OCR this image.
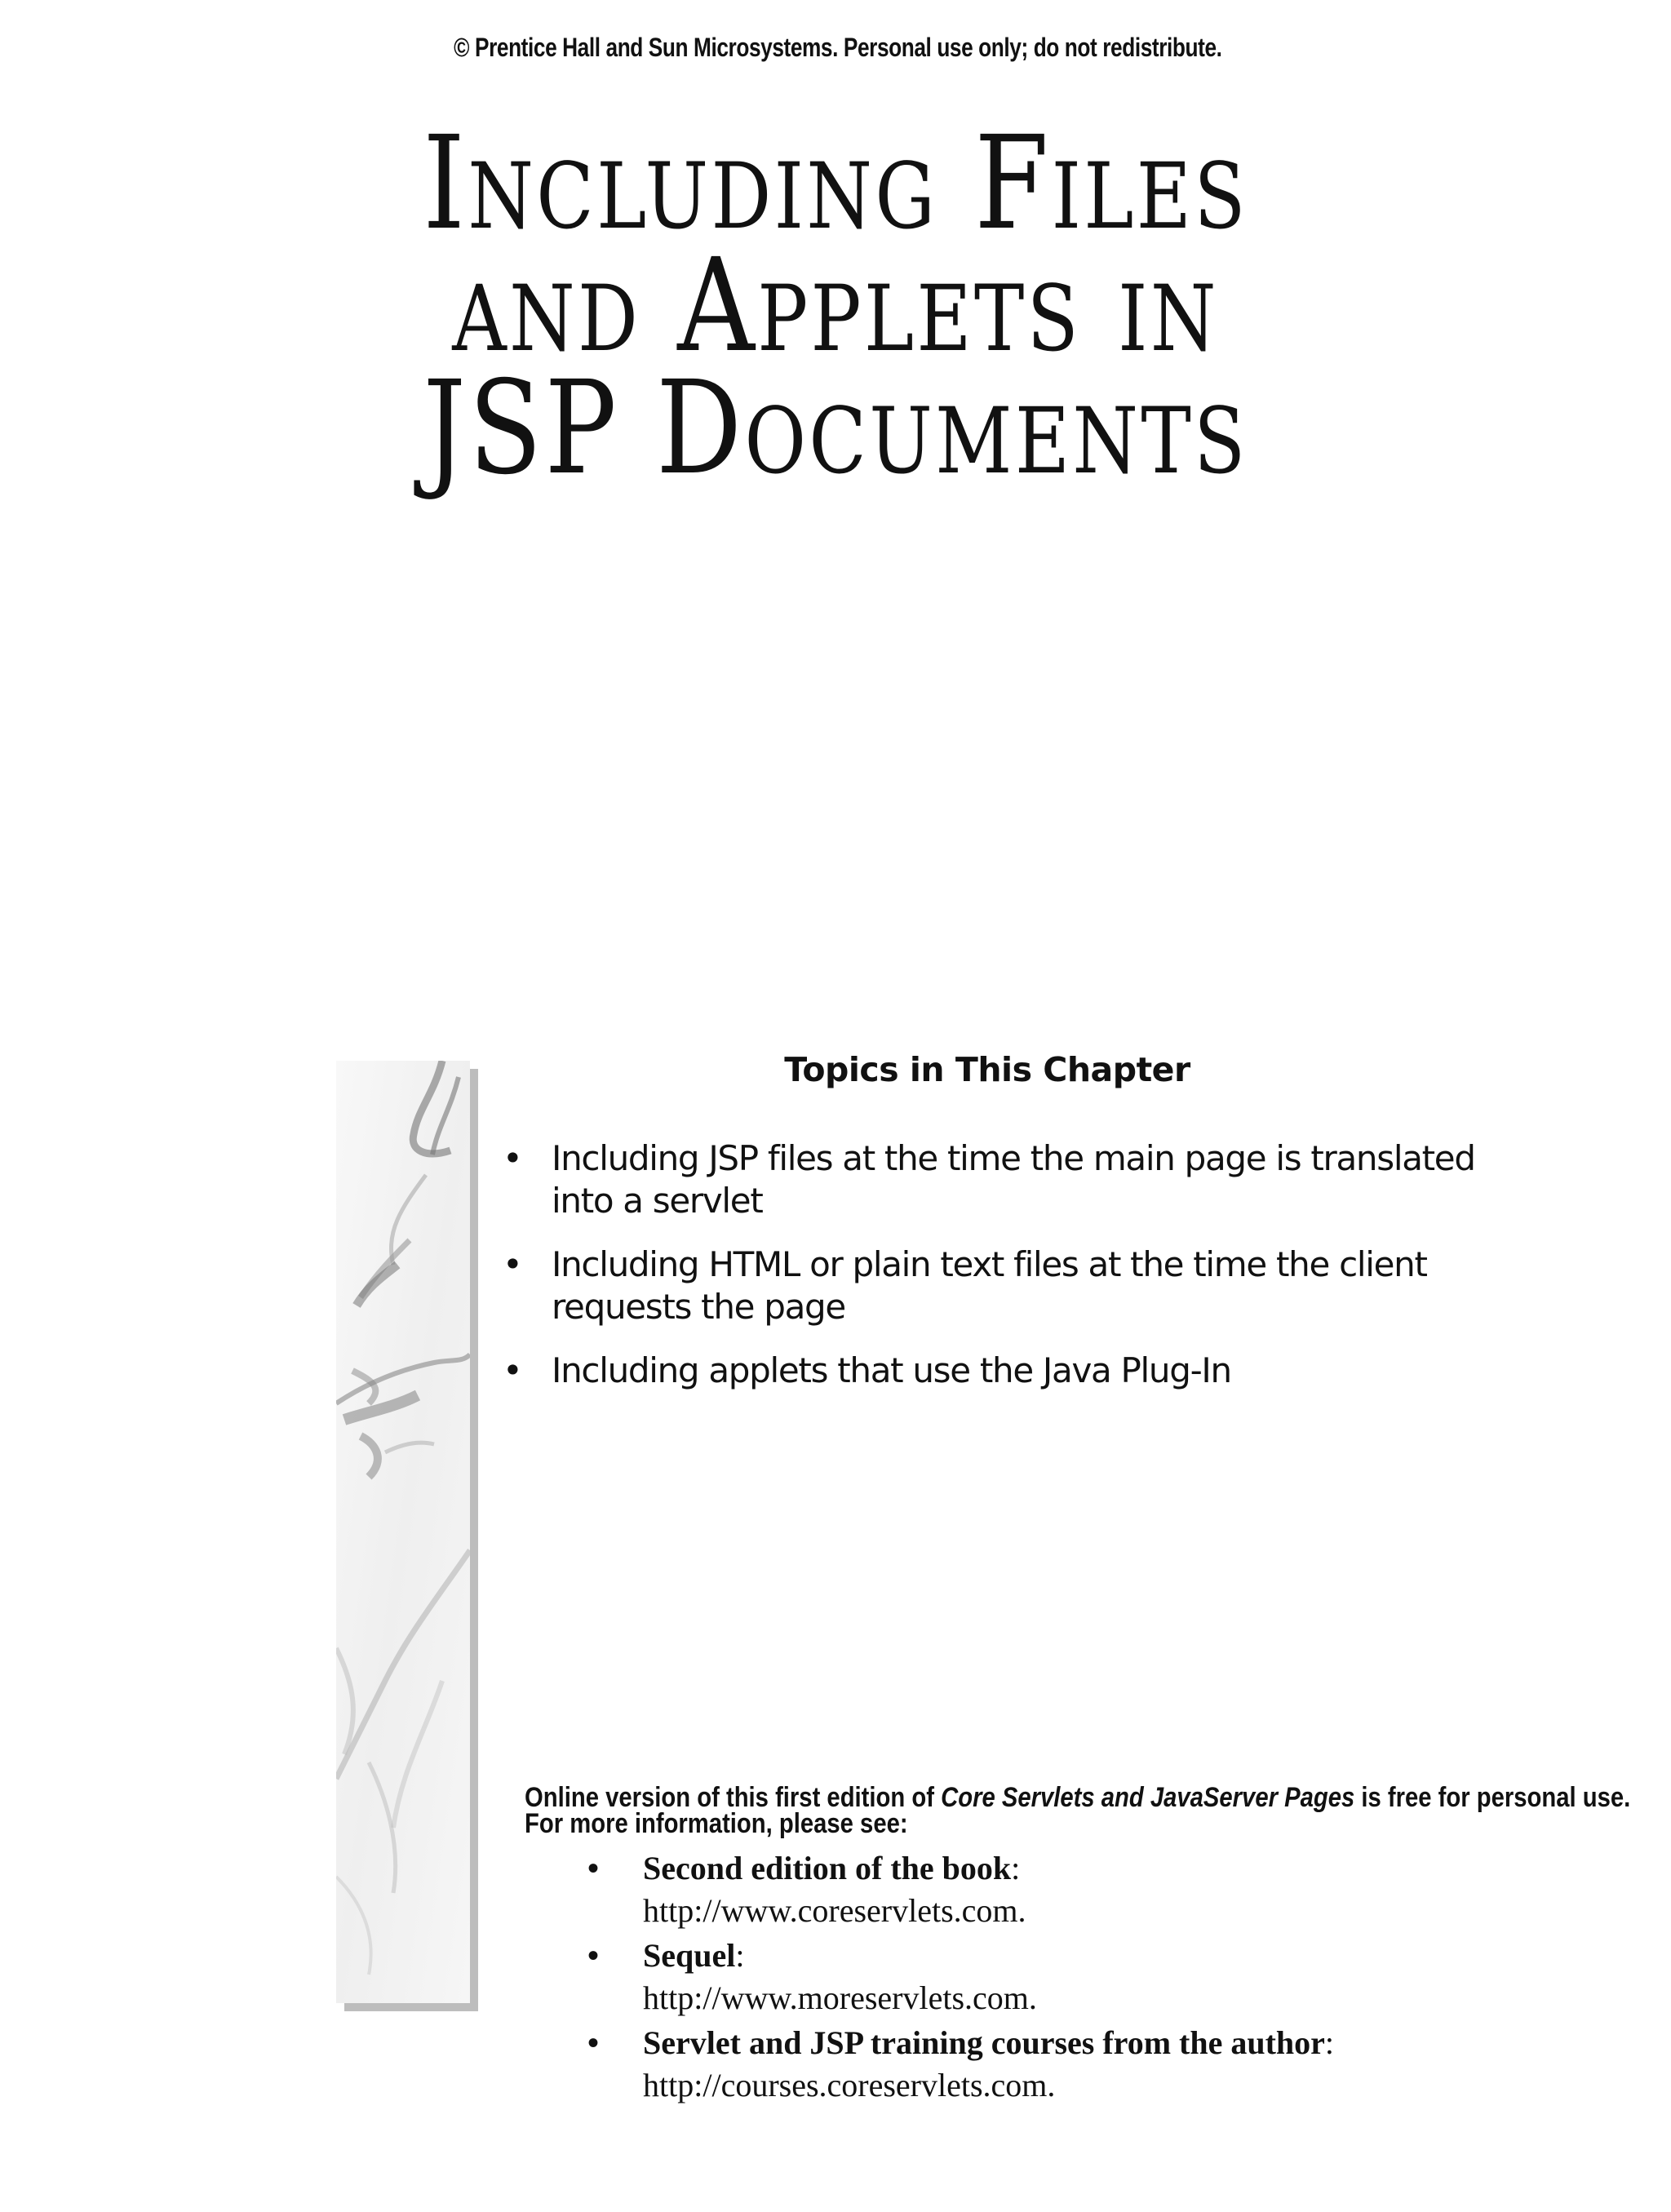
© Prentice Hall and Sun Microsystems. Personal use only; do not redistribute.
Including Files
and Applets in
JSP Documents
Topics in This Chapter
• Including JSP files at the time the main page is translated into a servlet
• Including HTML or plain text files at the time the client requests the page
• Including applets that use the Java Plug-In
Online version of this first edition of Core Servlets and JavaServer Pages is free for personal use. For more information, please see:
• Second edition of the book:
http://www.coreservlets.com.
• Sequel:
http://www.moreservlets.com.
• Servlet and JSP training courses from the author:
http://courses.coreservlets.com.
